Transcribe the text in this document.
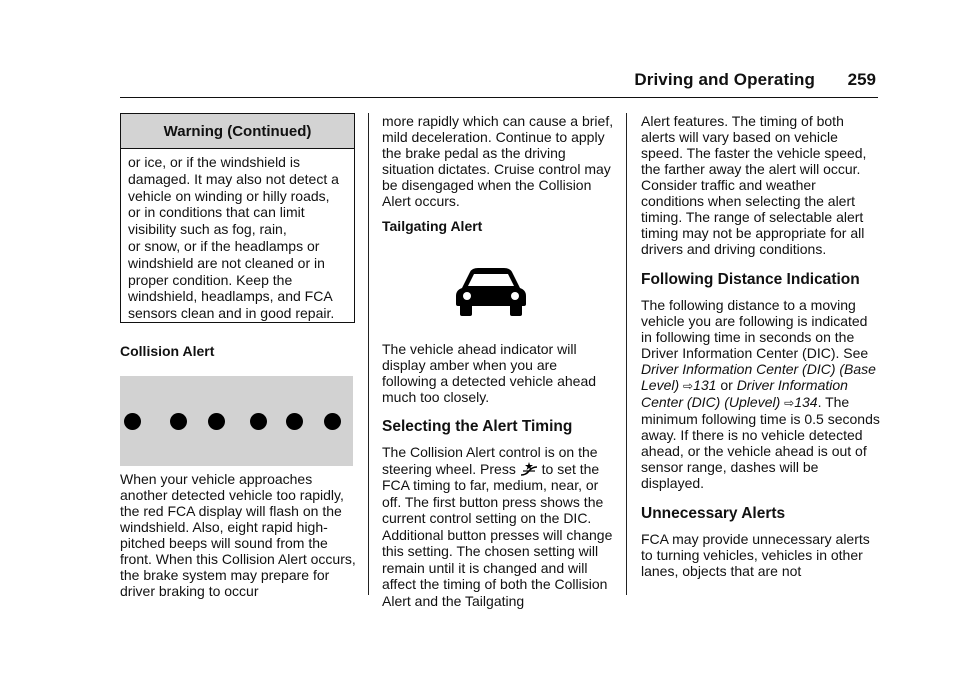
Driving and Operating	259
Warning (Continued)
or ice, or if the windshield is
damaged. It may also not detect a
vehicle on winding or hilly roads,
or in conditions that can limit
visibility such as fog, rain,
or snow, or if the headlamps or
windshield are not cleaned or in
proper condition. Keep the
windshield, headlamps, and FCA
sensors clean and in good repair.

Collision Alert

When your vehicle approaches another detected vehicle too rapidly, the red FCA display will flash on the windshield. Also, eight rapid high-pitched beeps will sound from the front. When this Collision Alert occurs, the brake system may prepare for driver braking to occur

more rapidly which can cause a brief, mild deceleration. Continue to apply the brake pedal as the driving situation dictates. Cruise control may be disengaged when the Collision Alert occurs.

Tailgating Alert

The vehicle ahead indicator will display amber when you are following a detected vehicle ahead much too closely.

Selecting the Alert Timing

The Collision Alert control is on the steering wheel. Press to set the FCA timing to far, medium, near, or off. The first button press shows the current control setting on the DIC. Additional button presses will change this setting. The chosen setting will remain until it is changed and will affect the timing of both the Collision Alert and the Tailgating

Alert features. The timing of both alerts will vary based on vehicle speed. The faster the vehicle speed, the farther away the alert will occur. Consider traffic and weather conditions when selecting the alert timing. The range of selectable alert timing may not be appropriate for all drivers and driving conditions.

Following Distance Indication

The following distance to a moving vehicle you are following is indicated in following time in seconds on the Driver Information Center (DIC). See Driver Information Center (DIC) (Base Level) ⇨131 or Driver Information Center (DIC) (Uplevel) ⇨134. The minimum following time is 0.5 seconds away. If there is no vehicle detected ahead, or the vehicle ahead is out of sensor range, dashes will be displayed.

Unnecessary Alerts

FCA may provide unnecessary alerts to turning vehicles, vehicles in other lanes, objects that are not
